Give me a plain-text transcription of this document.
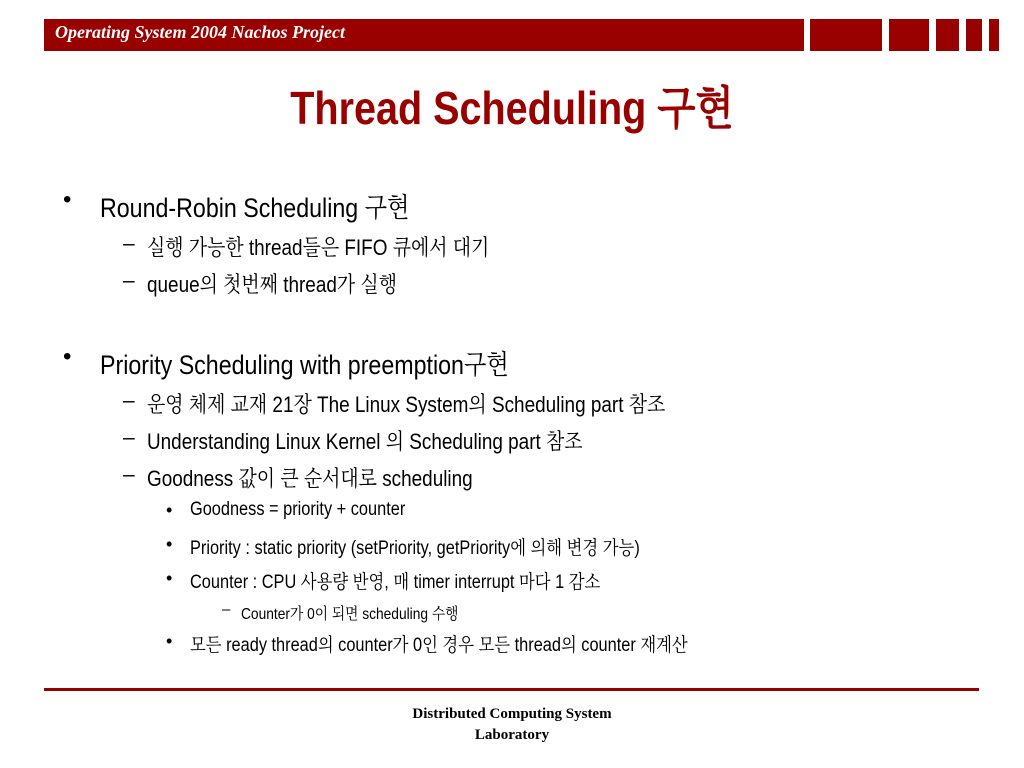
Operating System 2004 Nachos Project
Thread Scheduling 구현
• Round-Robin Scheduling 구현
– 실행 가능한 thread들은 FIFO 큐에서 대기
– queue의 첫번째 thread가 실행
• Priority Scheduling with preemption구현
– 운영 체제 교재 21장 The Linux System의 Scheduling part 참조
– Understanding Linux Kernel 의 Scheduling part 참조
– Goodness 값이 큰 순서대로 scheduling
• Goodness = priority + counter
• Priority : static priority (setPriority, getPriority에 의해 변경 가능)
• Counter : CPU 사용량 반영, 매 timer interrupt 마다 1 감소
– Counter가 0이 되면 scheduling 수행
• 모든 ready thread의 counter가 0인 경우 모든 thread의 counter 재계산
Distributed Computing System
Laboratory
